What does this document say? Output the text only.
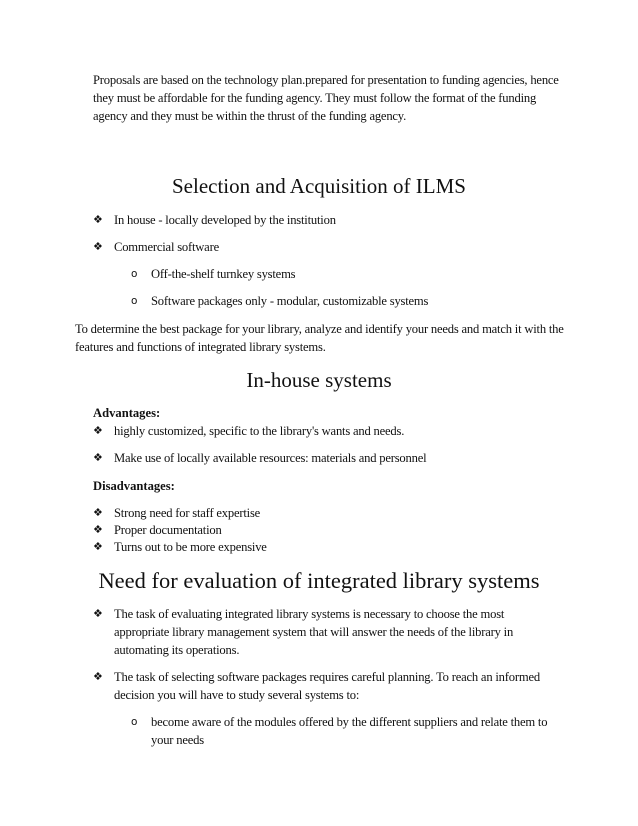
Proposals are based on the technology plan.prepared for presentation to funding agencies, hence they must be affordable for the funding agency. They must follow the format of the funding agency and they must be within the thrust of the funding agency.
Selection and Acquisition of ILMS
❖ In house - locally developed by the institution
❖ Commercial software
o Off-the-shelf turnkey systems
o Software packages only - modular, customizable systems
To determine the best package for your library, analyze and identify your needs and match it with the features and functions of integrated library systems.
In-house systems
Advantages:
❖ highly customized, specific to the library's wants and needs.
❖ Make use of locally available resources: materials and personnel
Disadvantages:
❖ Strong need for staff expertise
❖ Proper documentation
❖ Turns out to be more expensive
Need for evaluation of integrated library systems
❖ The task of evaluating integrated library systems is necessary to choose the most appropriate library management system that will answer the needs of the library in automating its operations.
❖ The task of selecting software packages requires careful planning. To reach an informed decision you will have to study several systems to:
o become aware of the modules offered by the different suppliers and relate them to your needs
